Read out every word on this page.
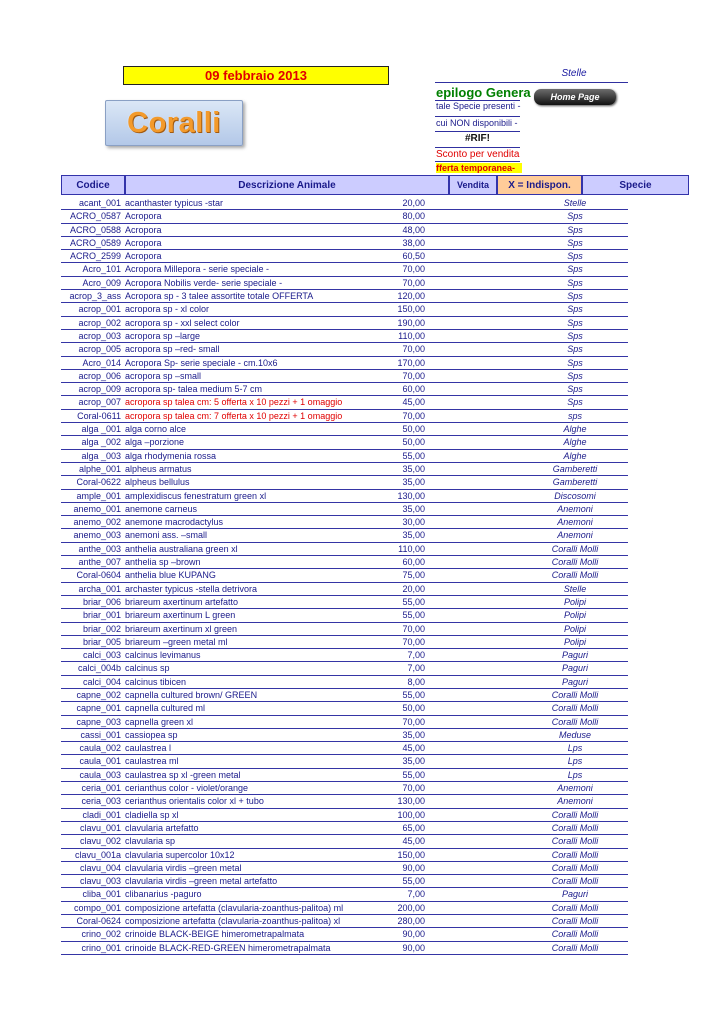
09 febbraio 2013	Stelle
Coralli
Home Page
epilogo Genera
tale Specie presenti -
cui NON disponibili -
#RIF!
Sconto per vendita
fferta temporanea-
Codice	Descrizione Animale	Vendita	X = Indispon.	Specie
acant_001 acanthaster typicus -star	20,00	Stelle
ACRO_0587 Acropora	80,00	Sps
ACRO_0588 Acropora	48,00	Sps
ACRO_0589 Acropora	38,00	Sps
ACRO_2599 Acropora	60,50	Sps
Acro_101 Acropora Millepora - serie speciale -	70,00	Sps
Acro_009 Acropora Nobilis verde- serie speciale -	70,00	Sps
acrop_3_ass Acropora sp - 3 talee assortite totale OFFERTA	120,00	Sps
acrop_001 acropora sp - xl color	150,00	Sps
acrop_002 acropora sp - xxl select color	190,00	Sps
acrop_003 acropora sp –large	110,00	Sps
acrop_005 acropora sp –red- small	70,00	Sps
Acro_014 Acropora Sp- serie speciale - cm.10x6	170,00	Sps
acrop_006 acropora sp –small	70,00	Sps
acrop_009 acropora sp- talea medium 5-7 cm	60,00	Sps
acrop_007 acropora sp talea cm: 5 offerta x 10 pezzi + 1 omaggio	45,00	Sps
Coral-0611 acropora sp talea cm: 7 offerta x 10 pezzi + 1 omaggio	70,00	sps
alga _001 alga corno alce	50,00	Alghe
alga _002 alga –porzione	50,00	Alghe
alga _003 alga rhodymenia rossa	55,00	Alghe
alphe_001 alpheus armatus	35,00	Gamberetti
Coral-0622 alpheus bellulus	35,00	Gamberetti
ample_001 amplexidiscus fenestratum green xl	130,00	Discosomi
anemo_001 anemone carneus	35,00	Anemoni
anemo_002 anemone macrodactylus	30,00	Anemoni
anemo_003 anemoni ass. –small	35,00	Anemoni
anthe_003 anthelia australiana green xl	110,00	Coralli Molli
anthe_007 anthelia sp –brown	60,00	Coralli Molli
Coral-0604 anthelia blue KUPANG	75,00	Coralli Molli
archa_001 archaster typicus -stella detrivora	20,00	Stelle
briar_006 briareum axertinum artefatto	55,00	Polipi
briar_001 briareum axertinum L green	55,00	Polipi
briar_002 briareum axertinum xl green	70,00	Polipi
briar_005 briareum –green metal ml	70,00	Polipi
calci_003 calcinus levimanus	7,00	Paguri
calci_004b calcinus sp	7,00	Paguri
calci_004 calcinus tibicen	8,00	Paguri
capne_002 capnella cultured brown/ GREEN	55,00	Coralli Molli
capne_001 capnella cultured ml	50,00	Coralli Molli
capne_003 capnella green xl	70,00	Coralli Molli
cassi_001 cassiopea sp	35,00	Meduse
caula_002 caulastrea l	45,00	Lps
caula_001 caulastrea ml	35,00	Lps
caula_003 caulastrea sp xl -green metal	55,00	Lps
ceria_001 cerianthus color - violet/orange	70,00	Anemoni
ceria_003 cerianthus orientalis color xl + tubo	130,00	Anemoni
cladi_001 cladiella sp xl	100,00	Coralli Molli
clavu_001 clavularia artefatto	65,00	Coralli Molli
clavu_002 clavularia sp	45,00	Coralli Molli
clavu_001a clavularia supercolor 10x12	150,00	Coralli Molli
clavu_004 clavularia virdis –green metal	90,00	Coralli Molli
clavu_003 clavularia virdis –green metal artefatto	55,00	Coralli Molli
cliba_001 clibanarius -paguro	7,00	Paguri
compo_001 composizione artefatta (clavularia-zoanthus-palitoa) ml	200,00	Coralli Molli
Coral-0624 composizione artefatta (clavularia-zoanthus-palitoa) xl	280,00	Coralli Molli
crino_002 crinoide BLACK-BEIGE himerometrapalmata	90,00	Coralli Molli
crino_001 crinoide BLACK-RED-GREEN himerometrapalmata	90,00	Coralli Molli
